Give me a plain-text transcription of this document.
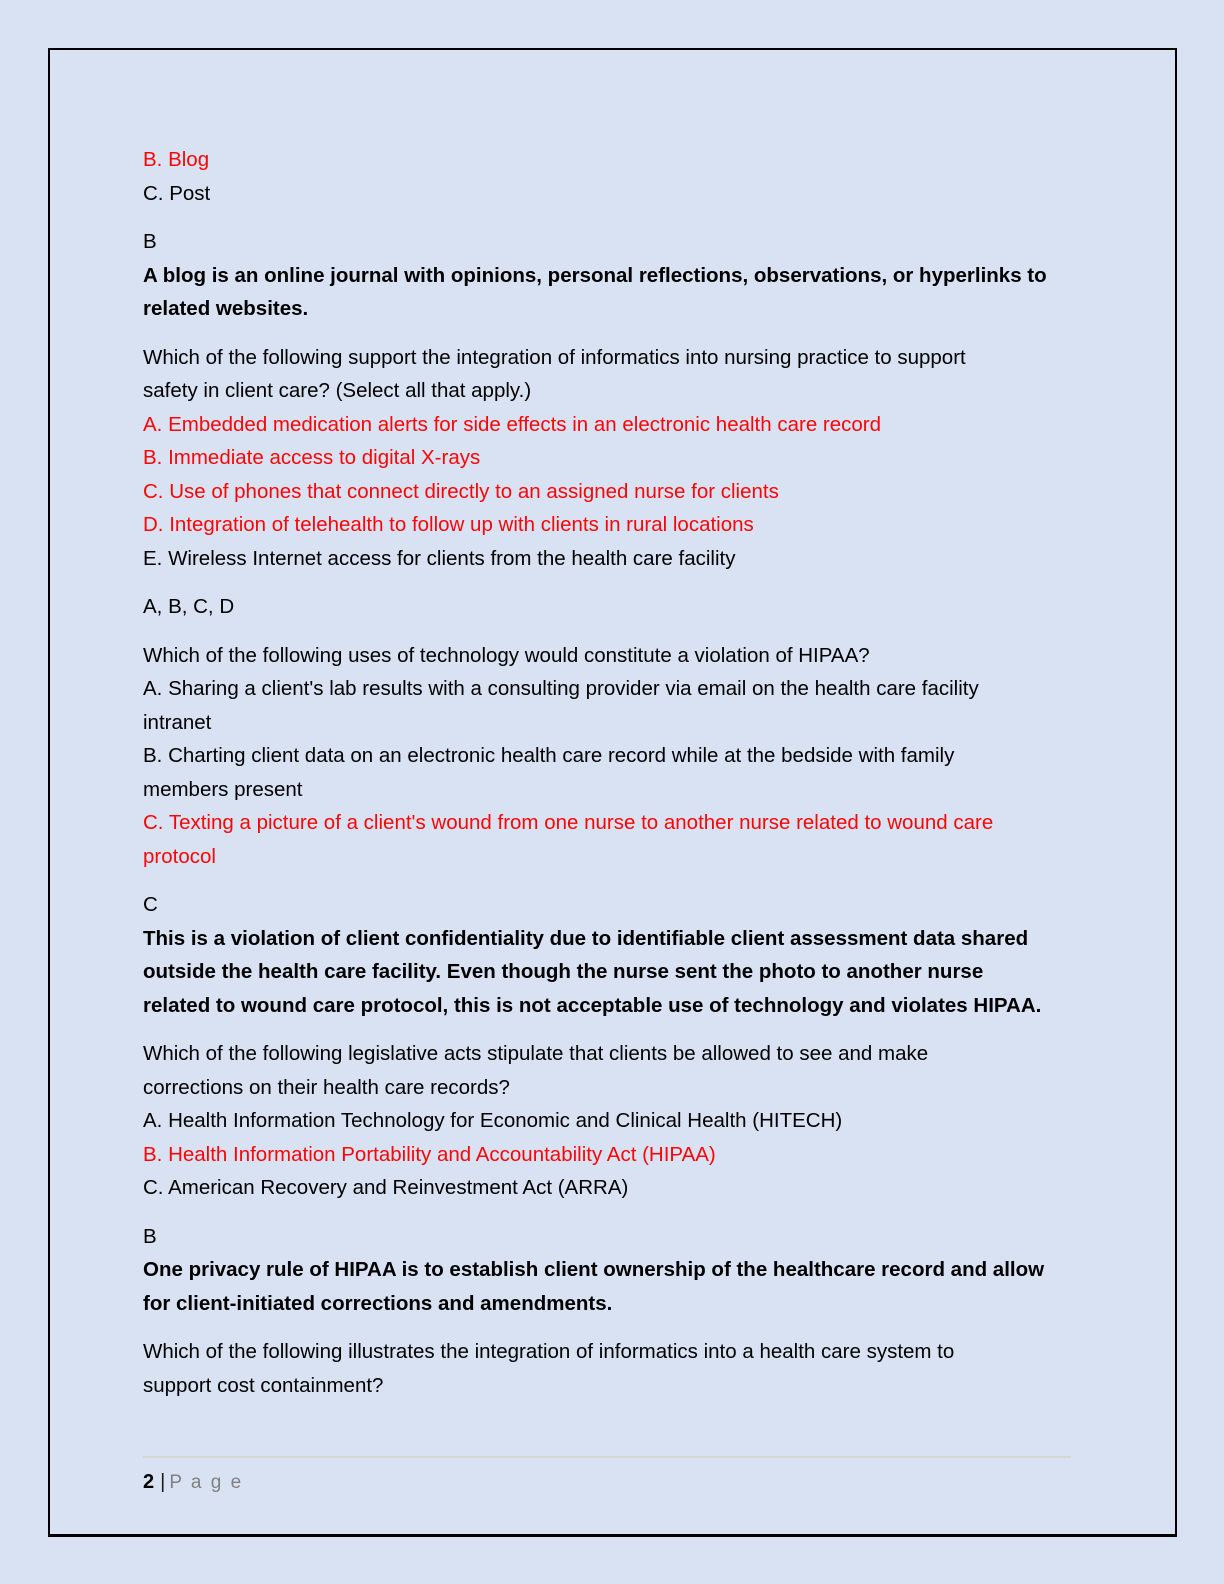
B. Blog
C. Post

B
A blog is an online journal with opinions, personal reflections, observations, or hyperlinks to
related websites.

Which of the following support the integration of informatics into nursing practice to support
safety in client care? (Select all that apply.)
A. Embedded medication alerts for side effects in an electronic health care record
B. Immediate access to digital X-rays
C. Use of phones that connect directly to an assigned nurse for clients
D. Integration of telehealth to follow up with clients in rural locations
E. Wireless Internet access for clients from the health care facility

A, B, C, D

Which of the following uses of technology would constitute a violation of HIPAA?
A. Sharing a client's lab results with a consulting provider via email on the health care facility
intranet
B. Charting client data on an electronic health care record while at the bedside with family
members present
C. Texting a picture of a client's wound from one nurse to another nurse related to wound care
protocol

C
This is a violation of client confidentiality due to identifiable client assessment data shared
outside the health care facility. Even though the nurse sent the photo to another nurse
related to wound care protocol, this is not acceptable use of technology and violates HIPAA.

Which of the following legislative acts stipulate that clients be allowed to see and make
corrections on their health care records?
A. Health Information Technology for Economic and Clinical Health (HITECH)
B. Health Information Portability and Accountability Act (HIPAA)
C. American Recovery and Reinvestment Act (ARRA)

B
One privacy rule of HIPAA is to establish client ownership of the healthcare record and allow
for client-initiated corrections and amendments.

Which of the following illustrates the integration of informatics into a health care system to
support cost containment?

2 | P a g e
